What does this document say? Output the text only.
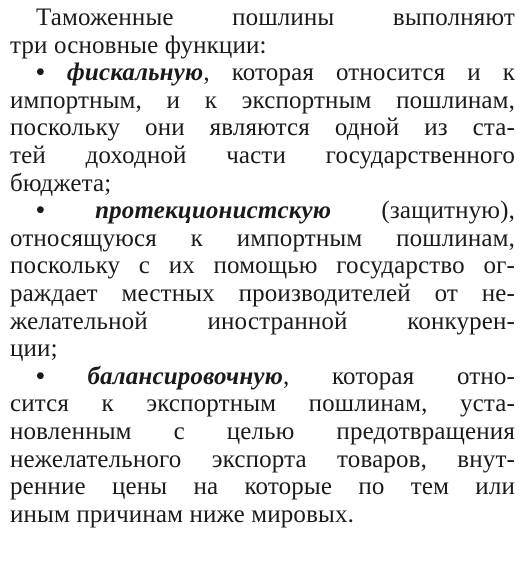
Таможенные пошлины выполняют
три основные функции:
• фискальную, которая относится и к
импортным, и к экспортным пошлинам,
поскольку они являются одной из ста-
тей доходной части государственного
бюджета;
• протекционистскую (защитную),
относящуюся к импортным пошлинам,
поскольку с их помощью государство ог-
раждает местных производителей от не-
желательной иностранной конкурен-
ции;
• балансировочную, которая отно-
сится к экспортным пошлинам, уста-
новленным с целью предотвращения
нежелательного экспорта товаров, внут-
ренние цены на которые по тем или
иным причинам ниже мировых.
